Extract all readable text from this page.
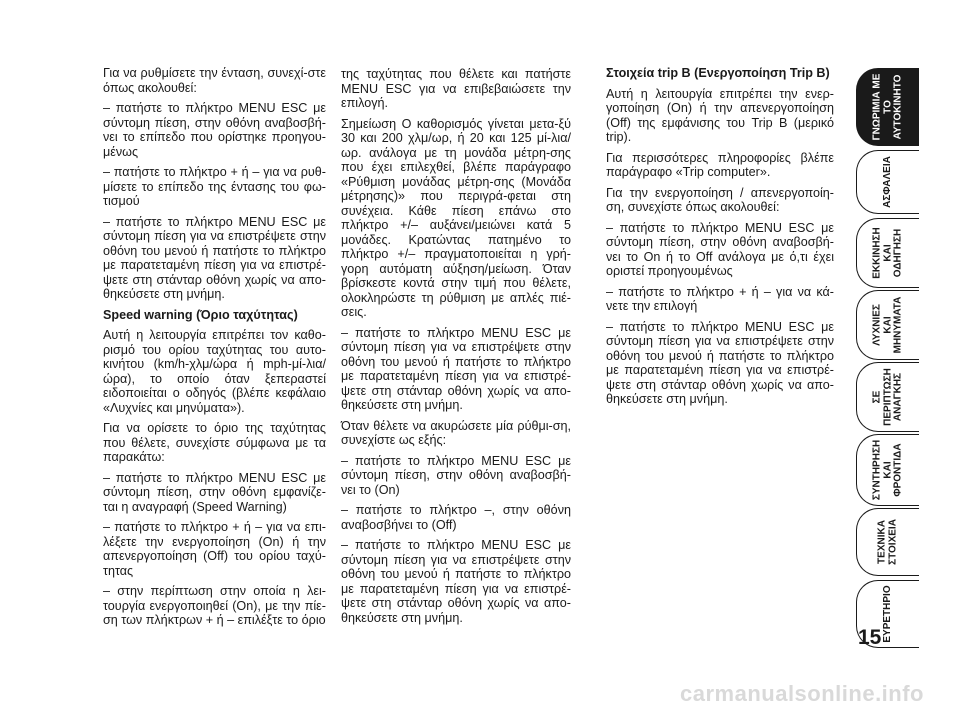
Για να ρυθμίσετε την ένταση, συνεχί-στε όπως ακολουθεί:

– πατήστε το πλήκτρο MENU ESC με σύντομη πίεση, στην οθόνη αναβοσβή-νει το επίπεδο που ορίστηκε προηγου-μένως

– πατήστε το πλήκτρο + ή – για να ρυθ-μίσετε το επίπεδο της έντασης του φω-τισμού

– πατήστε το πλήκτρο MENU ESC με σύντομη πίεση για να επιστρέψετε στην οθόνη του μενού ή πατήστε το πλήκτρο με παρατεταμένη πίεση για να επιστρέ-ψετε στη στάνταρ οθόνη χωρίς να απο-θηκεύσετε στη μνήμη.

Speed warning (Όριο ταχύτητας)

Αυτή η λειτουργία επιτρέπει τον καθο-ρισμό του ορίου ταχύτητας του αυτο-κινήτου (km/h-χλμ/ώρα ή mph-μί-λια/ώρα), το οποίο όταν ξεπεραστεί ειδοποιείται ο οδηγός (βλέπε κεφάλαιο «Λυχνίες και μηνύματα»).

Για να ορίσετε το όριο της ταχύτητας που θέλετε, συνεχίστε σύμφωνα με τα παρακάτω:

– πατήστε το πλήκτρο MENU ESC με σύντομη πίεση, στην οθόνη εμφανίζε-ται η αναγραφή (Speed Warning)

– πατήστε το πλήκτρο + ή – για να επι-λέξετε την ενεργοποίηση (On) ή την απενεργοποίηση (Off) του ορίου ταχύ-τητας

– στην περίπτωση στην οποία η λει-τουργία ενεργοποιηθεί (On), με την πίε-ση των πλήκτρων + ή – επιλέξτε το όριο

της ταχύτητας που θέλετε και πατήστε MENU ESC για να επιβεβαιώσετε την επιλογή.

Σημείωση Ο καθορισμός γίνεται μετα-ξύ 30 και 200 χλμ/ωρ, ή 20 και 125 μί-λια/ωρ. ανάλογα με τη μονάδα μέτρη-σης που έχει επιλεχθεί, βλέπε παράγραφο «Ρύθμιση μονάδας μέτρη-σης (Μονάδα μέτρησης)» που περιγρά-φεται στη συνέχεια. Κάθε πίεση επάνω στο πλήκτρο +/– αυξάνει/μειώνει κατά 5 μονάδες. Κρατώντας πατημένο το πλήκτρο +/– πραγματοποιείται η γρή-γορη αυτόματη αύξηση/μείωση. Όταν βρίσκεστε κοντά στην τιμή που θέλετε, ολοκληρώστε τη ρύθμιση με απλές πιέ-σεις.

– πατήστε το πλήκτρο MENU ESC με σύντομη πίεση για να επιστρέψετε στην οθόνη του μενού ή πατήστε το πλήκτρο με παρατεταμένη πίεση για να επιστρέ-ψετε στη στάνταρ οθόνη χωρίς να απο-θηκεύσετε στη μνήμη.

Όταν θέλετε να ακυρώσετε μία ρύθμι-ση, συνεχίστε ως εξής:

– πατήστε το πλήκτρο MENU ESC με σύντομη πίεση, στην οθόνη αναβοσβή-νει το (On)

– πατήστε το πλήκτρο –, στην οθόνη αναβοσβήνει το (Off)

– πατήστε το πλήκτρο MENU ESC με σύντομη πίεση για να επιστρέψετε στην οθόνη του μενού ή πατήστε το πλήκτρο με παρατεταμένη πίεση για να επιστρέ-ψετε στη στάνταρ οθόνη χωρίς να απο-θηκεύσετε στη μνήμη.

Στοιχεία trip B (Ενεργοποίηση Trip B)

Αυτή η λειτουργία επιτρέπει την ενερ-γοποίηση (On) ή την απενεργοποίηση (Off) της εμφάνισης του Trip B (μερικό trip).

Για περισσότερες πληροφορίες βλέπε παράγραφο «Trip computer».

Για την ενεργοποίηση / απενεργοποίη-ση, συνεχίστε όπως ακολουθεί:

– πατήστε το πλήκτρο MENU ESC με σύντομη πίεση, στην οθόνη αναβοσβή-νει το On ή το Off ανάλογα με ό,τι έχει οριστεί προηγουμένως

– πατήστε το πλήκτρο + ή – για να κά-νετε την επιλογή

– πατήστε το πλήκτρο MENU ESC με σύντομη πίεση για να επιστρέψετε στην οθόνη του μενού ή πατήστε το πλήκτρο με παρατεταμένη πίεση για να επιστρέ-ψετε στη στάνταρ οθόνη χωρίς να απο-θηκεύσετε στη μνήμη.

ΓΝΩΡΙΜΙΑ ΜΕ
ΤΟ
ΑΥΤΟΚΙΝΗΤΟ
ΑΣΦΑΛΕΙΑ
ΕΚΚΙΝΗΣΗ
ΚΑΙ
ΟΔΗΓΗΣΗ
ΛΥΧΝΙΕΣ
ΚΑΙ
ΜΗΝΥΜΑΤΑ
ΣΕ
ΠΕΡΙΠΤΩΣΗ
ΑΝΑΓΚΗΣ
ΣΥΝΤΗΡΗΣΗ
ΚΑΙ
ΦΡΟΝΤΙΔΑ
ΤΕΧΝΙΚΑ
ΣΤΟΙΧΕΙΑ
ΕΥΡΕΤΗΡΙΟ
15
carmanualsonline.info
